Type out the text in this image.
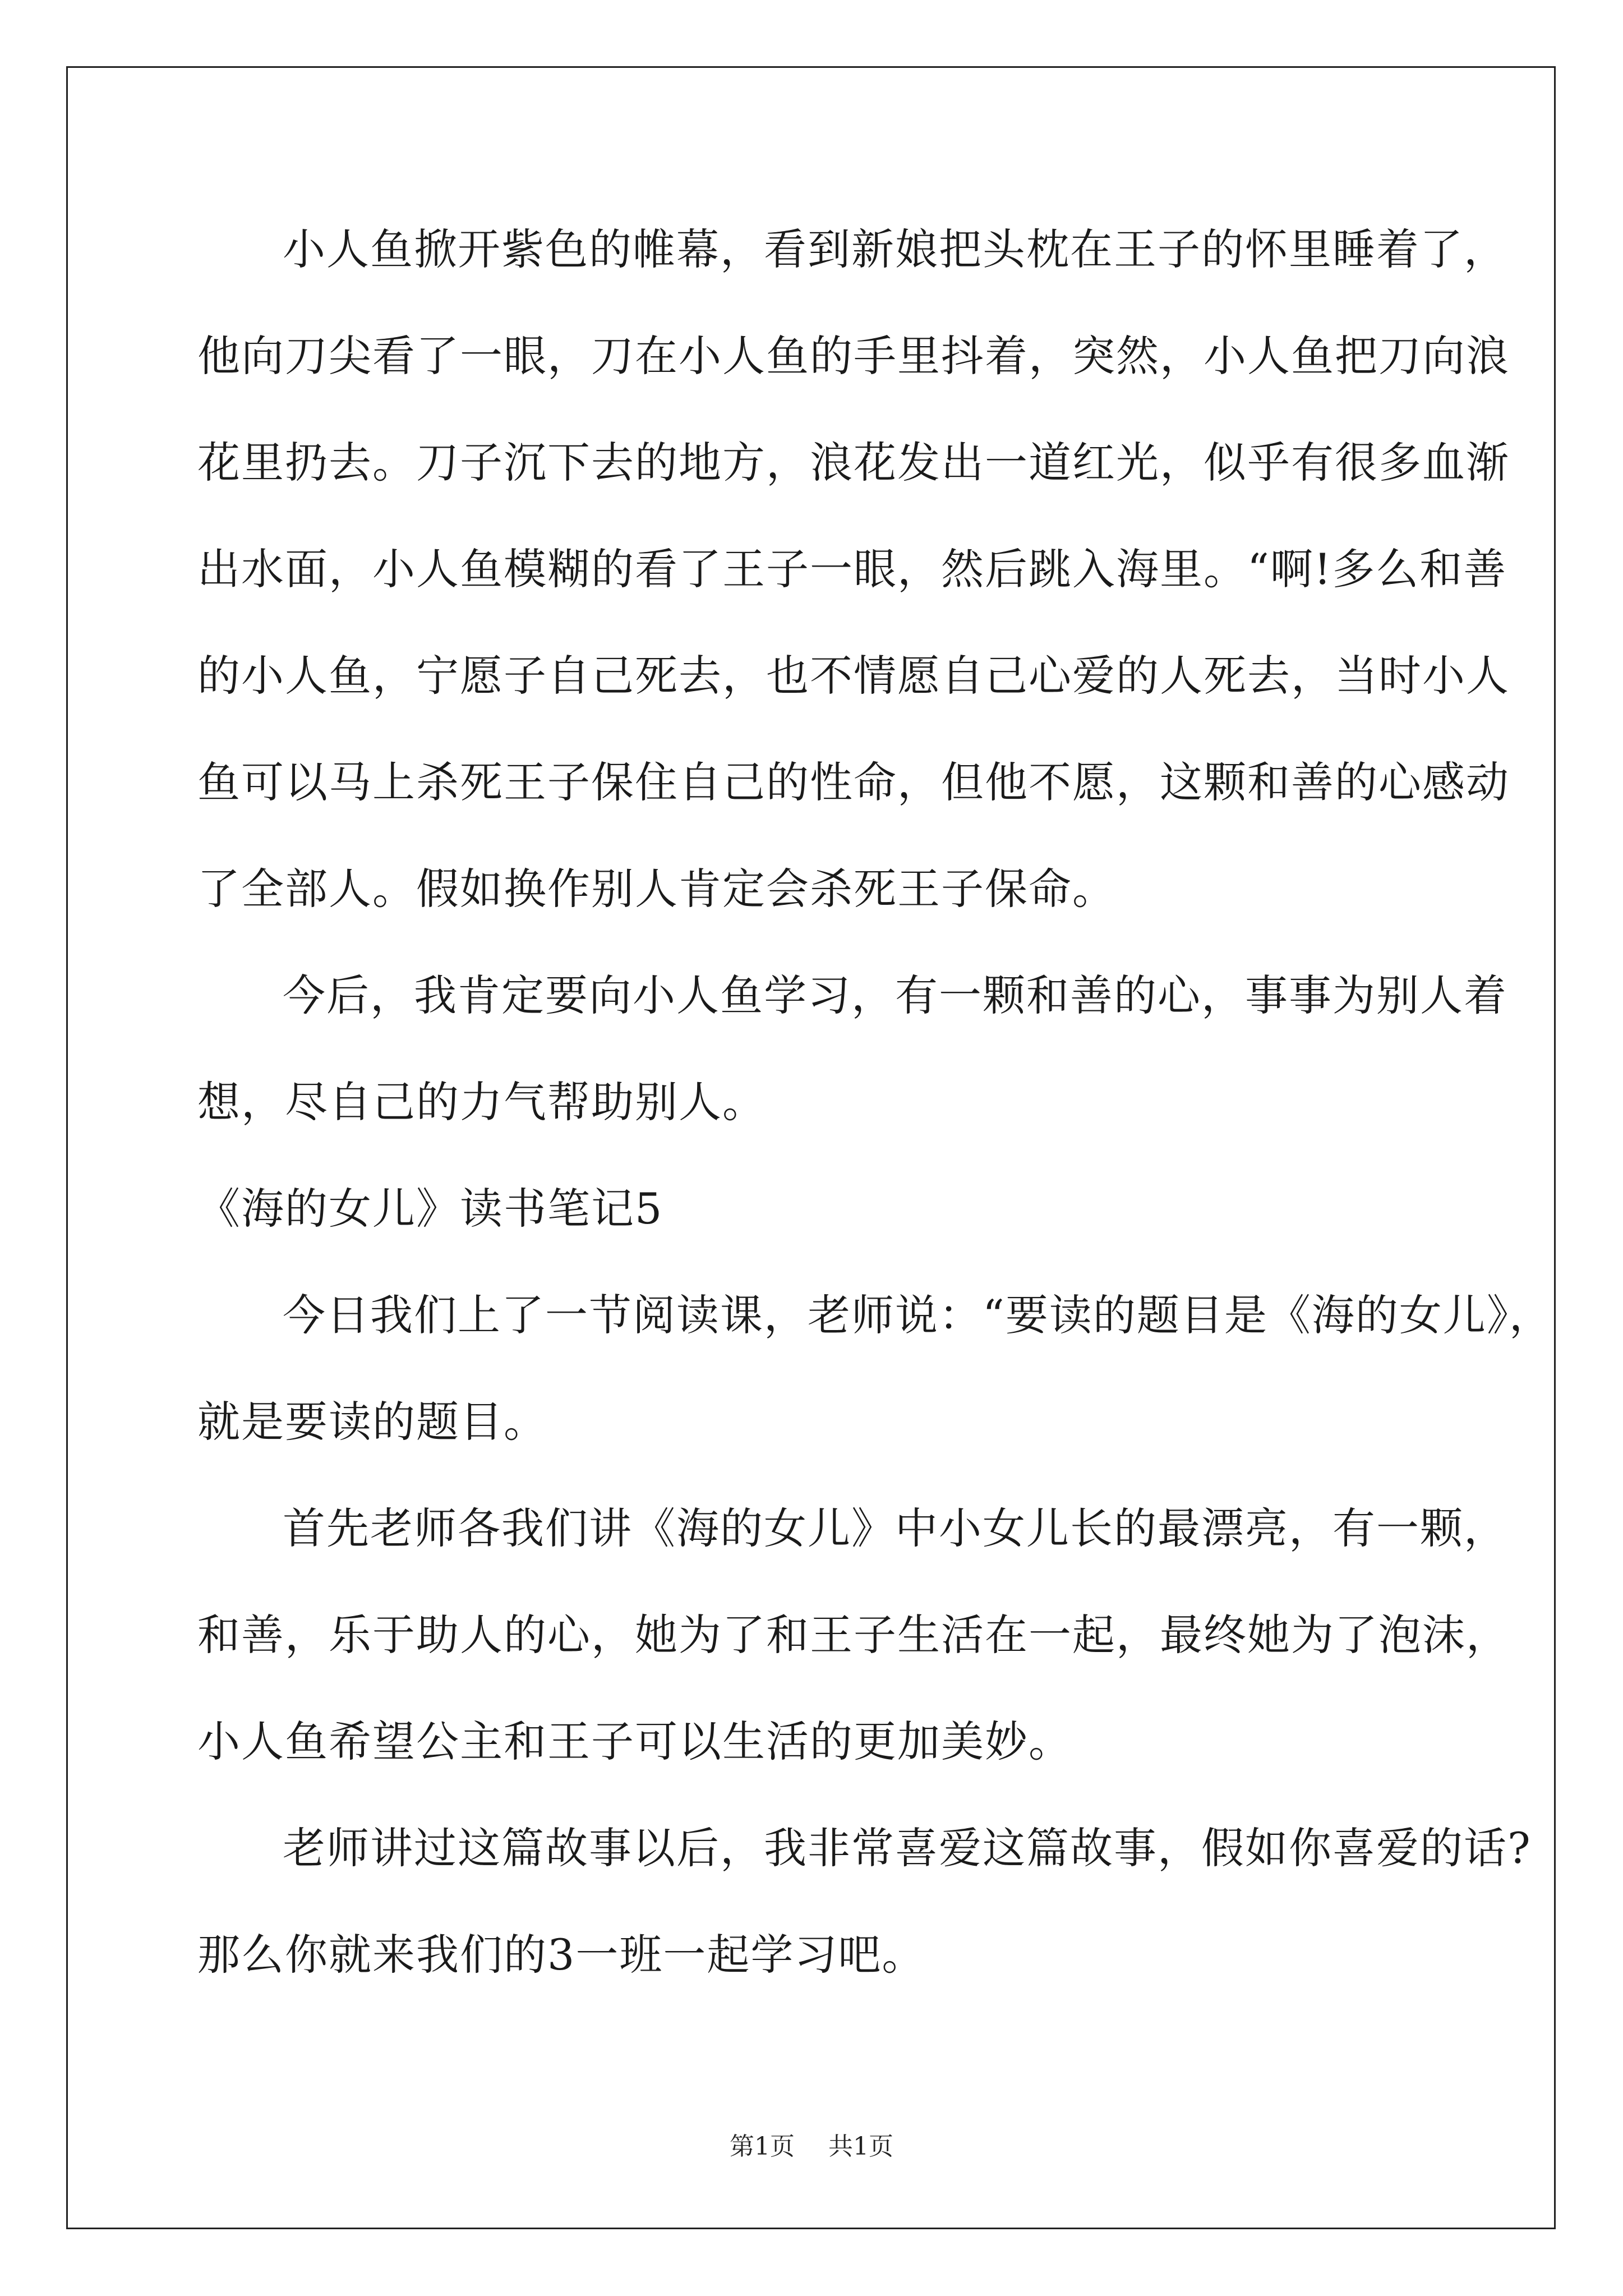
小人鱼掀开紫色的帷幕，看到新娘把头枕在王子的怀里睡着了，
他向刀尖看了一眼，刀在小人鱼的手里抖着，突然，小人鱼把刀向浪
花里扔去。刀子沉下去的地方，浪花发出一道红光，似乎有很多血渐
出水面，小人鱼模糊的看了王子一眼，然后跳入海里。“啊!多么和善
的小人鱼，宁愿子自己死去，也不情愿自己心爱的人死去，当时小人
鱼可以马上杀死王子保住自己的性命，但他不愿，这颗和善的心感动
了全部人。假如换作别人肯定会杀死王子保命。
今后，我肯定要向小人鱼学习，有一颗和善的心，事事为别人着
想，尽自己的力气帮助别人。
《海的女儿》读书笔记5
今日我们上了一节阅读课，老师说：“要读的题目是《海的女儿》，
就是要读的题目。
首先老师各我们讲《海的女儿》中小女儿长的最漂亮，有一颗，
和善，乐于助人的心，她为了和王子生活在一起，最终她为了泡沫，
小人鱼希望公主和王子可以生活的更加美妙。
老师讲过这篇故事以后，我非常喜爱这篇故事，假如你喜爱的话?
那么你就来我们的3一班一起学习吧。
第1页 共1页
